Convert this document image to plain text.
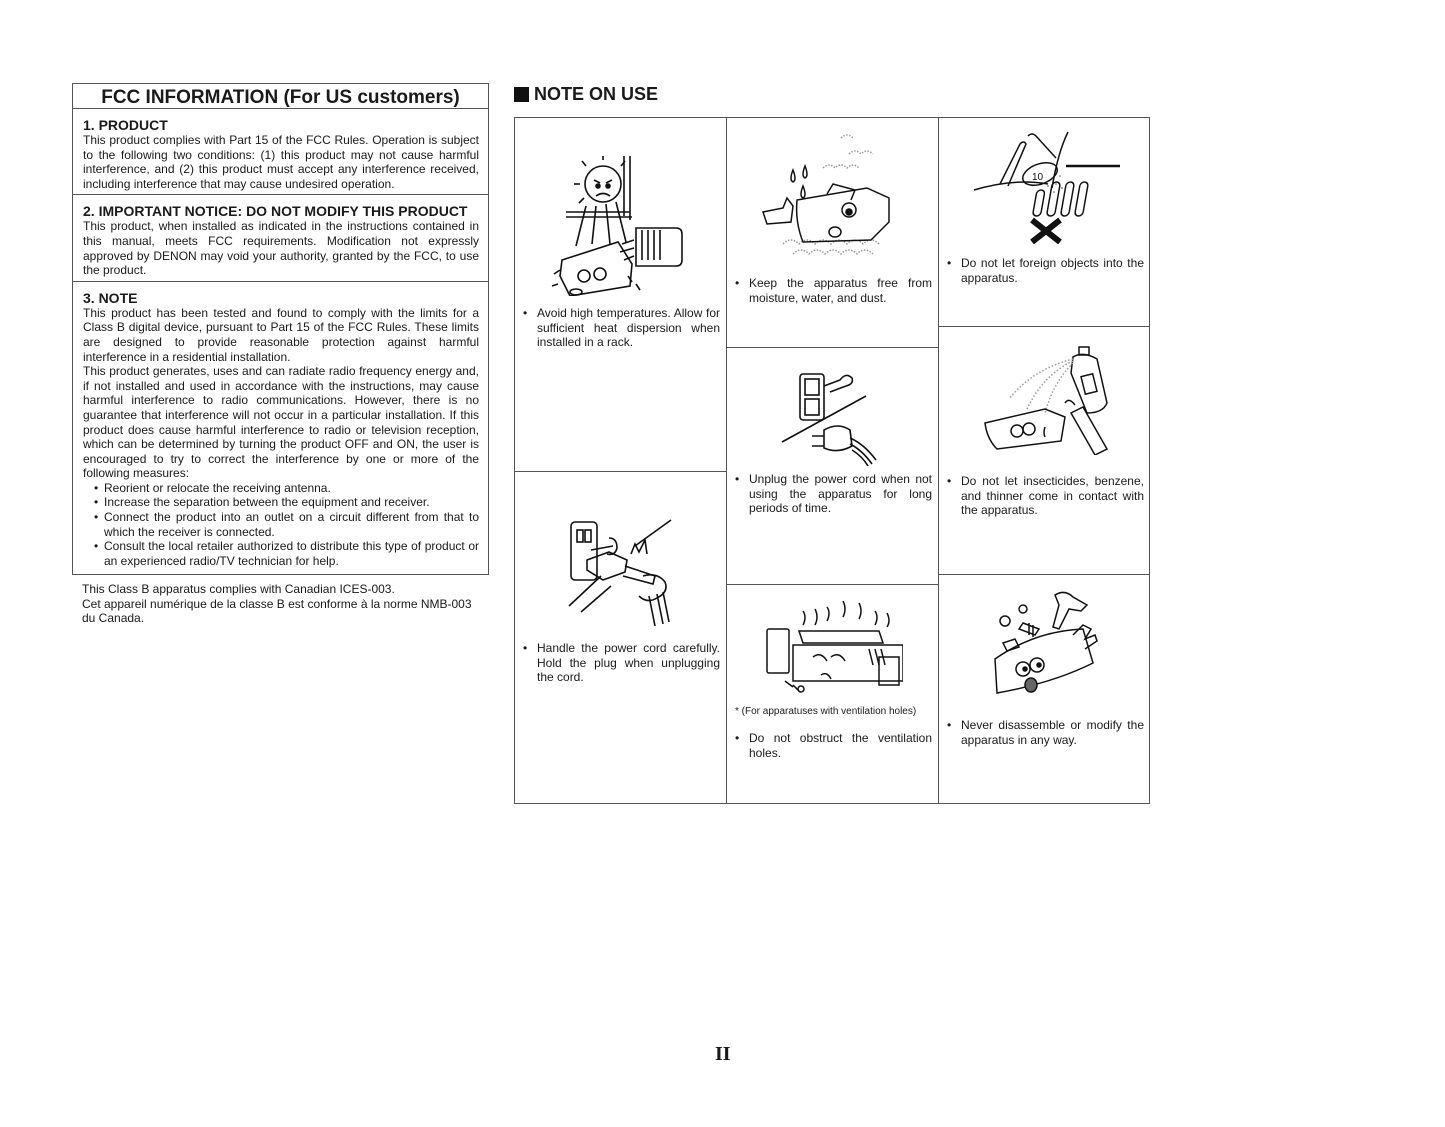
FCC INFORMATION (For US customers)
1. PRODUCT

This product complies with Part 15 of the FCC Rules. Operation is subject to the following two conditions: (1) this product may not cause harmful interference, and (2) this product must accept any interference received, including interference that may cause undesired operation.

2. IMPORTANT NOTICE: DO NOT MODIFY THIS PRODUCT

This product, when installed as indicated in the instructions contained in this manual, meets FCC requirements. Modification not expressly approved by DENON may void your authority, granted by the FCC, to use the product.

3. NOTE

This product has been tested and found to comply with the limits for a Class B digital device, pursuant to Part 15 of the FCC Rules. These limits are designed to provide reasonable protection against harmful interference in a residential installation.

This product generates, uses and can radiate radio frequency energy and, if not installed and used in accordance with the instructions, may cause harmful interference to radio communications. However, there is no guarantee that interference will not occur in a particular installation. If this product does cause harmful interference to radio or television reception, which can be determined by turning the product OFF and ON, the user is encouraged to try to correct the interference by one or more of the following measures:

• Reorient or relocate the receiving antenna.
• Increase the separation between the equipment and receiver.
• Connect the product into an outlet on a circuit different from that to which the receiver is connected.
• Consult the local retailer authorized to distribute this type of product or an experienced radio/TV technician for help.

This Class B apparatus complies with Canadian ICES-003.

Cet appareil numérique de la classe B est conforme à la norme NMB-003 du Canada.

NOTE ON USE
• Avoid high temperatures. Allow for sufficient heat dispersion when installed in a rack.
• Handle the power cord carefully. Hold the plug when unplugging the cord.
• Keep the apparatus free from moisture, water, and dust.
• Unplug the power cord when not using the apparatus for long periods of time.
* (For apparatuses with ventilation holes)
• Do not obstruct the ventilation holes.
10
• Do not let foreign objects into the apparatus.
• Do not let insecticides, benzene, and thinner come in contact with the apparatus.
• Never disassemble or modify the apparatus in any way.
II
